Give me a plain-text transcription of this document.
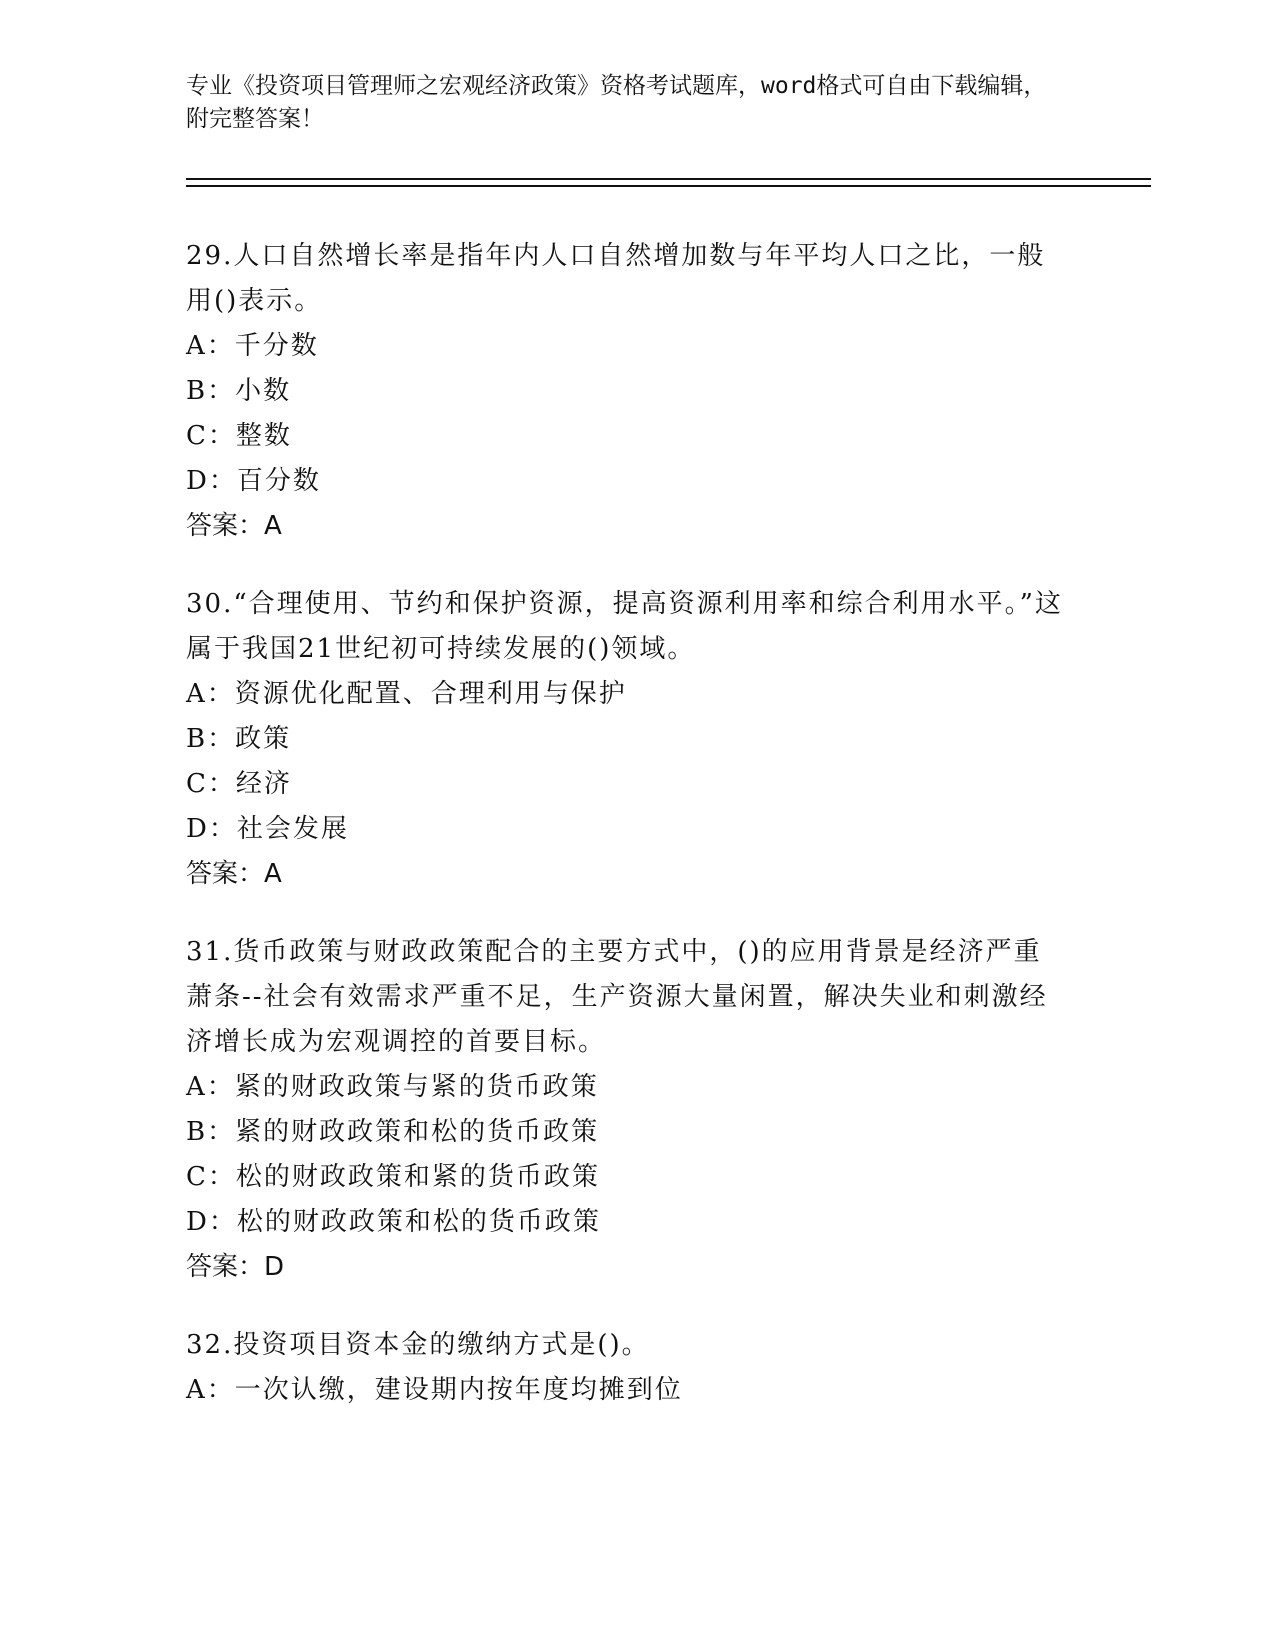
专业《投资项目管理师之宏观经济政策》资格考试题库，word格式可自由下载编辑，附完整答案！
29.人口自然增长率是指年内人口自然增加数与年平均人口之比，一般用()表示。
A：千分数
B：小数
C：整数
D：百分数
答案：A
30.“合理使用、节约和保护资源，提高资源利用率和综合利用水平。”这属于我国21世纪初可持续发展的()领域。
A：资源优化配置、合理利用与保护
B：政策
C：经济
D：社会发展
答案：A
31.货币政策与财政政策配合的主要方式中，()的应用背景是经济严重萧条--社会有效需求严重不足，生产资源大量闲置，解决失业和刺激经济增长成为宏观调控的首要目标。
A：紧的财政政策与紧的货币政策
B：紧的财政政策和松的货币政策
C：松的财政政策和紧的货币政策
D：松的财政政策和松的货币政策
答案：D
32.投资项目资本金的缴纳方式是()。
A：一次认缴，建设期内按年度均摊到位
